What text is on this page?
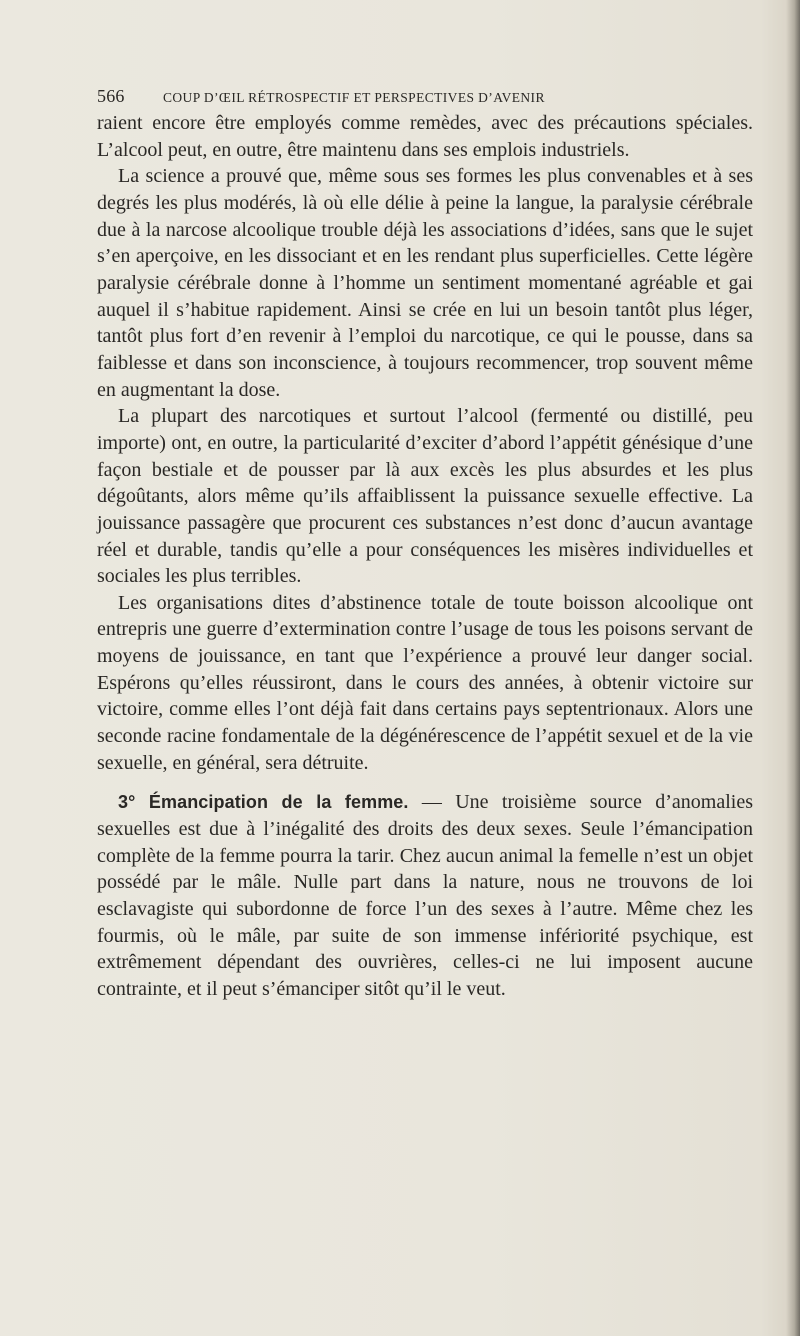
566	COUP D’ŒIL RÉTROSPECTIF ET PERSPECTIVES D’AVENIR

raient encore être employés comme remèdes, avec des précautions spéciales. L’alcool peut, en outre, être maintenu dans ses emplois industriels.

La science a prouvé que, même sous ses formes les plus convenables et à ses degrés les plus modérés, là où elle délie à peine la langue, la paralysie cérébrale due à la narcose alcoolique trouble déjà les associations d’idées, sans que le sujet s’en aperçoive, en les dissociant et en les rendant plus superficielles. Cette légère paralysie cérébrale donne à l’homme un sentiment momentané agréable et gai auquel il s’habitue rapidement. Ainsi se crée en lui un besoin tantôt plus léger, tantôt plus fort d’en revenir à l’emploi du narcotique, ce qui le pousse, dans sa faiblesse et dans son inconscience, à toujours recommencer, trop souvent même en augmentant la dose.

La plupart des narcotiques et surtout l’alcool (fermenté ou distillé, peu importe) ont, en outre, la particularité d’exciter d’abord l’appétit génésique d’une façon bestiale et de pousser par là aux excès les plus absurdes et les plus dégoûtants, alors même qu’ils affaiblissent la puissance sexuelle effective. La jouissance passagère que procurent ces substances n’est donc d’aucun avantage réel et durable, tandis qu’elle a pour conséquences les misères individuelles et sociales les plus terribles.

Les organisations dites d’abstinence totale de toute boisson alcoolique ont entrepris une guerre d’extermination contre l’usage de tous les poisons servant de moyens de jouissance, en tant que l’expérience a prouvé leur danger social. Espérons qu’elles réussiront, dans le cours des années, à obtenir victoire sur victoire, comme elles l’ont déjà fait dans certains pays septentrionaux. Alors une seconde racine fondamentale de la dégénérescence de l’appétit sexuel et de la vie sexuelle, en général, sera détruite.

3° Émancipation de la femme. — Une troisième source d’anomalies sexuelles est due à l’inégalité des droits des deux sexes. Seule l’émancipation complète de la femme pourra la tarir. Chez aucun animal la femelle n’est un objet possédé par le mâle. Nulle part dans la nature, nous ne trouvons de loi esclavagiste qui subordonne de force l’un des sexes à l’autre. Même chez les fourmis, où le mâle, par suite de son immense infériorité psychique, est extrêmement dépendant des ouvrières, celles-ci ne lui imposent aucune contrainte, et il peut s’émanciper sitôt qu’il le veut.
